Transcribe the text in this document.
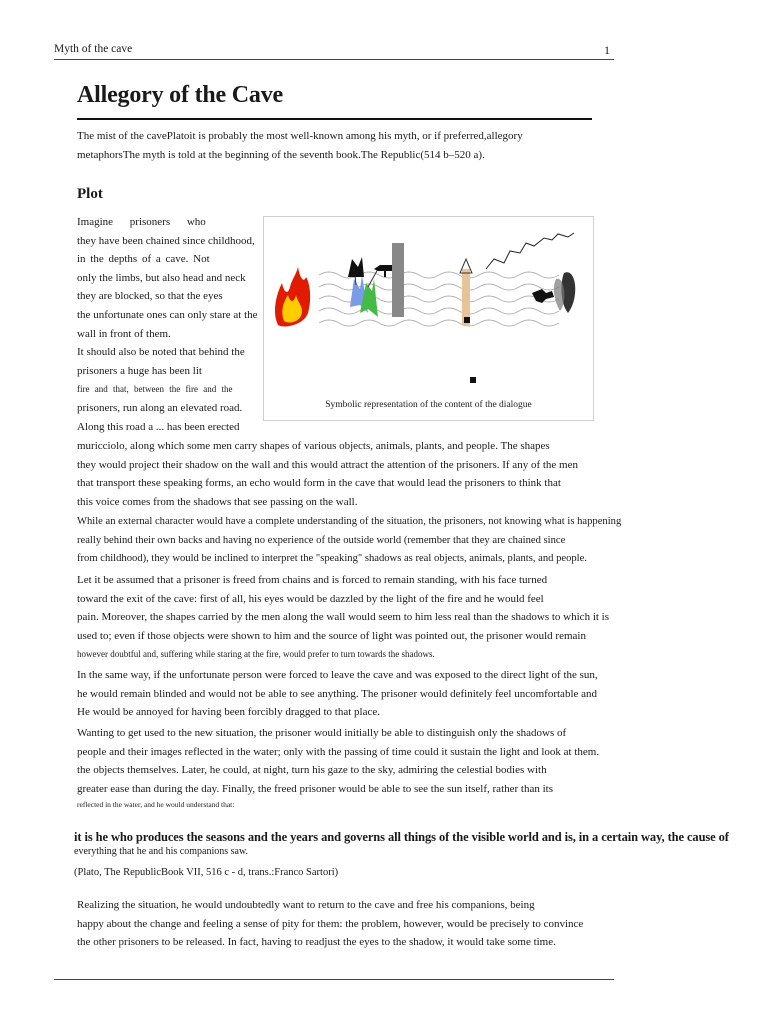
Myth of the cave	1
Allegory of the Cave
The mist of the cavePlatoit is probably the most well-known among his myth, or if preferred,allegory
metaphorsThe myth is told at the beginning of the seventh book.The Republic(514 b–520 a).
Plot
Symbolic representation of the content of the dialogue
Imagine prisoners who
they have been chained since childhood,
in the depths of a cave. Not
only the limbs, but also head and neck
they are blocked, so that the eyes
the unfortunate ones can only stare at the
wall in front of them.
It should also be noted that behind the
prisoners a huge has been lit
fire and that, between the fire and the
prisoners, run along an elevated road.
Along this road a ... has been erected
muricciolo, along which some men carry shapes of various objects, animals, plants, and people. The shapes
they would project their shadow on the wall and this would attract the attention of the prisoners. If any of the men
that transport these speaking forms, an echo would form in the cave that would lead the prisoners to think that
this voice comes from the shadows that see passing on the wall.
While an external character would have a complete understanding of the situation, the prisoners, not knowing what is happening
really behind their own backs and having no experience of the outside world (remember that they are chained since
from childhood), they would be inclined to interpret the "speaking" shadows as real objects, animals, plants, and people.
Let it be assumed that a prisoner is freed from chains and is forced to remain standing, with his face turned
toward the exit of the cave: first of all, his eyes would be dazzled by the light of the fire and he would feel
pain. Moreover, the shapes carried by the men along the wall would seem to him less real than the shadows to which it is
used to; even if those objects were shown to him and the source of light was pointed out, the prisoner would remain
however doubtful and, suffering while staring at the fire, would prefer to turn towards the shadows.
In the same way, if the unfortunate person were forced to leave the cave and was exposed to the direct light of the sun,
he would remain blinded and would not be able to see anything. The prisoner would definitely feel uncomfortable and
He would be annoyed for having been forcibly dragged to that place.
Wanting to get used to the new situation, the prisoner would initially be able to distinguish only the shadows of
people and their images reflected in the water; only with the passing of time could it sustain the light and look at them.
the objects themselves. Later, he could, at night, turn his gaze to the sky, admiring the celestial bodies with
greater ease than during the day. Finally, the freed prisoner would be able to see the sun itself, rather than its
reflected in the water, and he would understand that:
it is he who produces the seasons and the years and governs all things of the visible world and is, in a certain way, the cause of
everything that he and his companions saw.
(Plato, The RepublicBook VII, 516 c - d, trans.:Franco Sartori)
Realizing the situation, he would undoubtedly want to return to the cave and free his companions, being
happy about the change and feeling a sense of pity for them: the problem, however, would be precisely to convince
the other prisoners to be released. In fact, having to readjust the eyes to the shadow, it would take some time.
